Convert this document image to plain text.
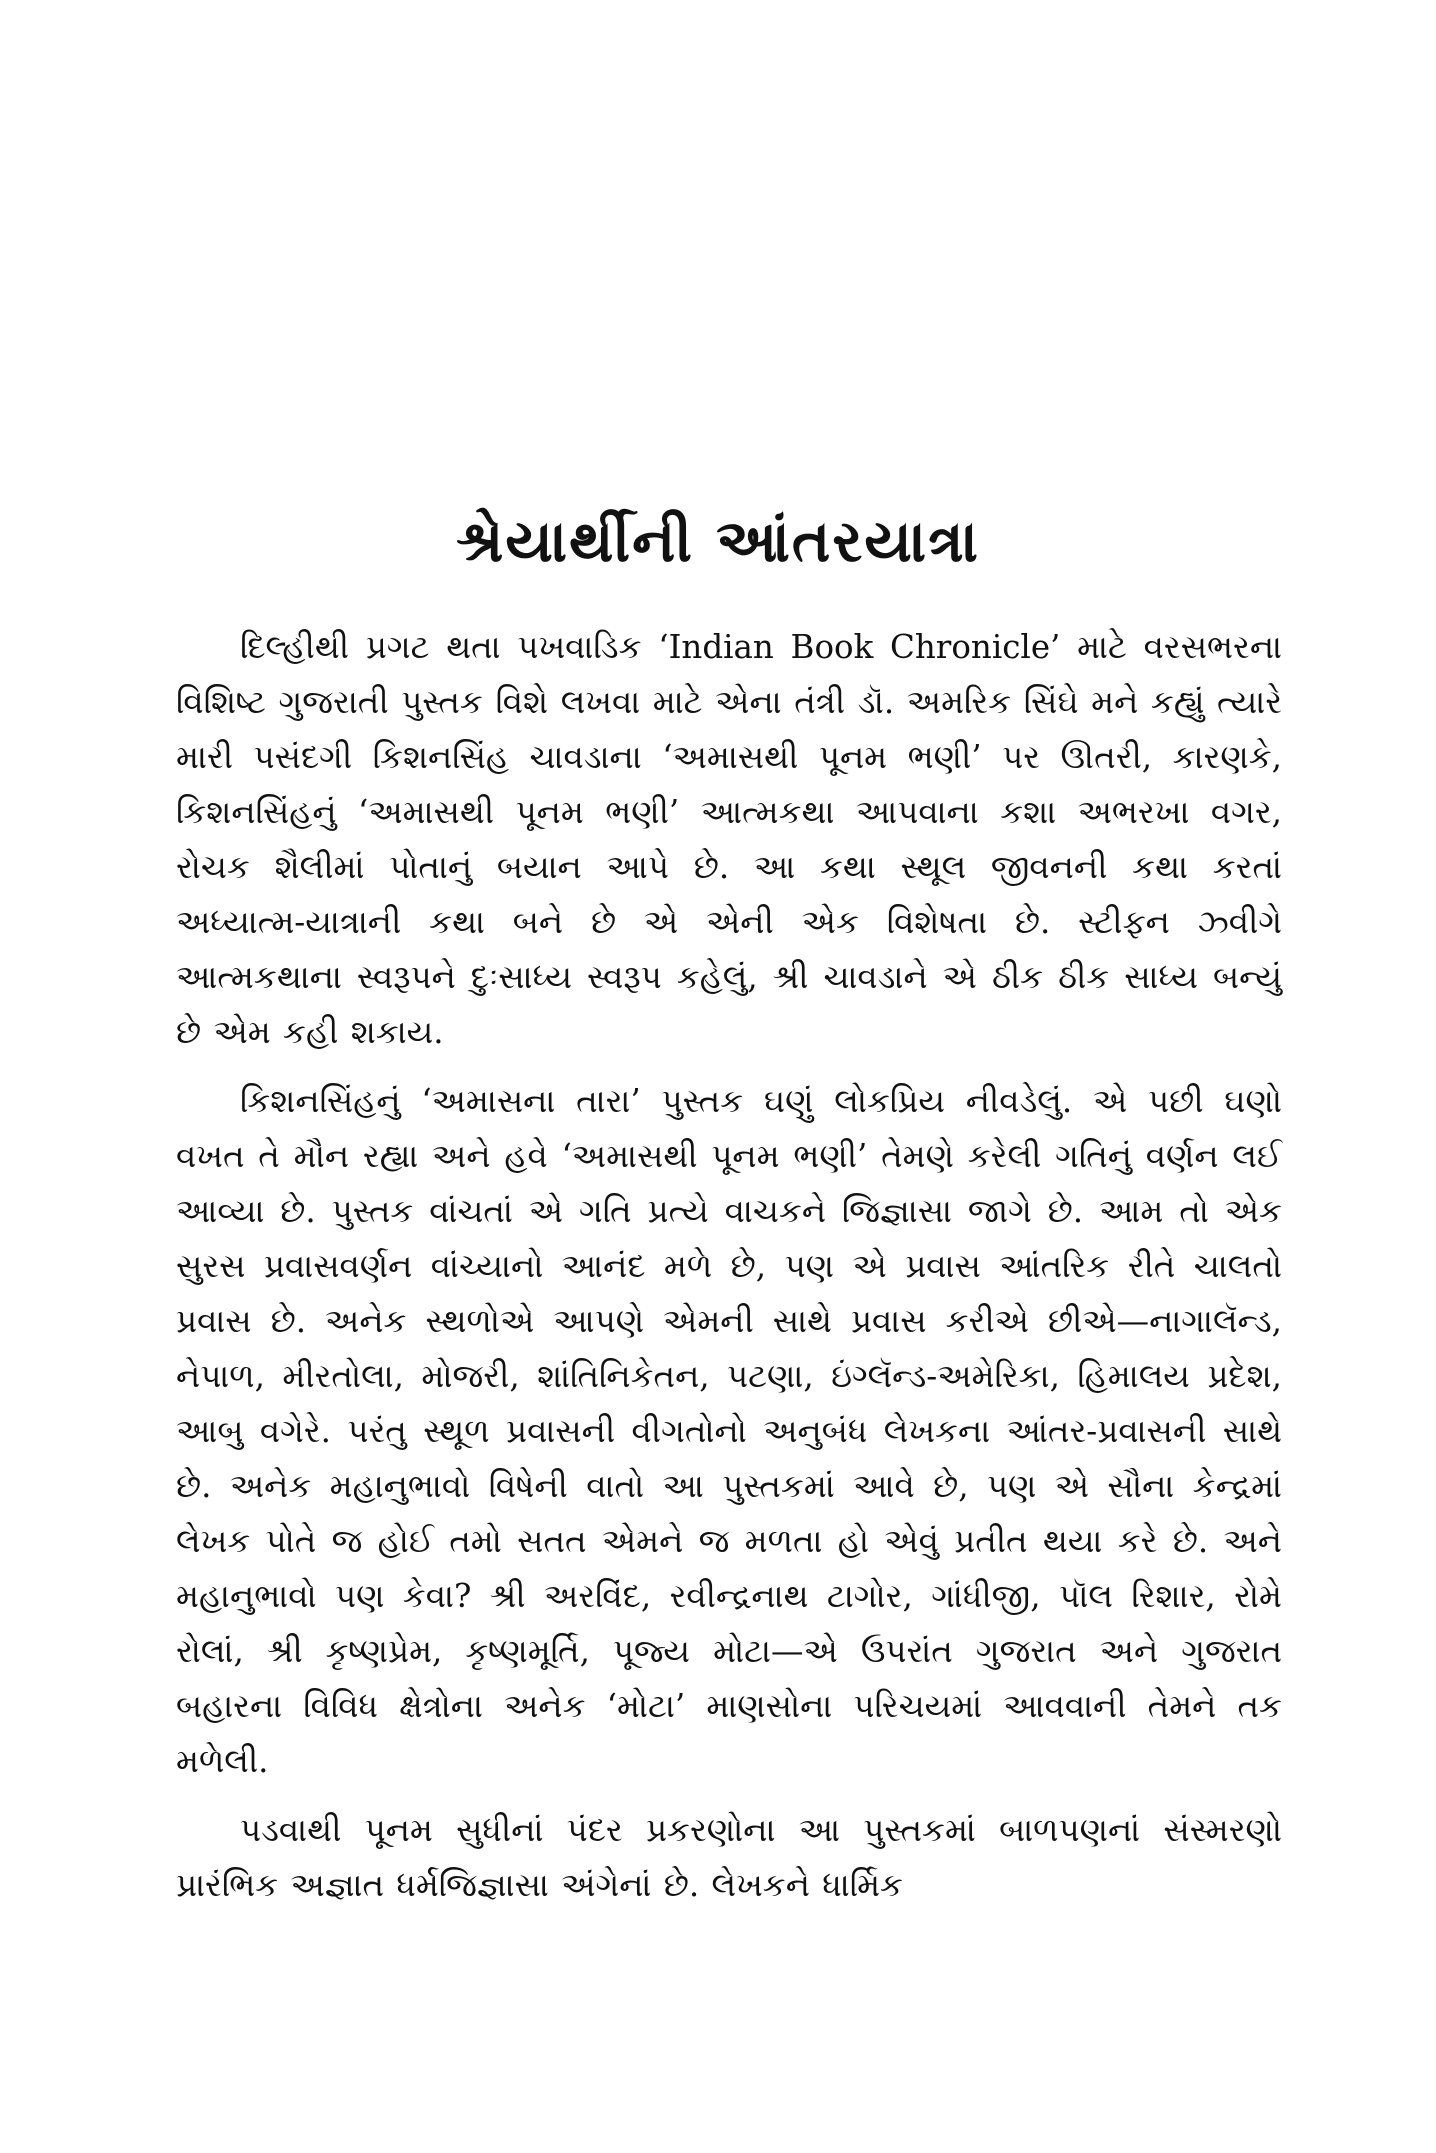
શ્રેયાર્થીની આંતરયાત્રા

દિલ્હીથી પ્રગટ થતા પખવાડિક ‘Indian Book Chronicle’ માટે વરસભરના વિશિષ્ટ ગુજરાતી પુસ્તક વિશે લખવા માટે એના તંત્રી ડૉ. અમરિક સિંઘે મને કહ્યું ત્યારે મારી પસંદગી કિશનસિંહ ચાવડાના ‘અમાસથી પૂનમ ભણી’ પર ઊતરી, કારણકે, કિશનસિંહનું ‘અમાસથી પૂનમ ભણી’ આત્મકથા આપવાના કશા અભરખા વગર, રોચક શૈલીમાં પોતાનું બયાન આપે છે. આ કથા સ્થૂલ જીવનની કથા કરતાં અધ્યાત્મ-યાત્રાની કથા બને છે એ એની એક વિશેષતા છે. સ્ટીફન ઝ્વીગે આત્મકથાના સ્વરૂપને દુઃસાધ્ય સ્વરૂપ કહેલું, શ્રી ચાવડાને એ ઠીક ઠીક સાધ્ય બન્યું છે એમ કહી શકાય.

કિશનસિંહનું ‘અમાસના તારા’ પુસ્તક ઘણું લોકપ્રિય નીવડેલું. એ પછી ઘણો વખત તે મૌન રહ્યા અને હવે ‘અમાસથી પૂનમ ભણી’ તેમણે કરેલી ગતિનું વર્ણન લઈ આવ્યા છે. પુસ્તક વાંચતાં એ ગતિ પ્રત્યે વાચકને જિજ્ઞાસા જાગે છે. આમ તો એક સુરસ પ્રવાસવર્ણન વાંચ્યાનો આનંદ મળે છે, પણ એ પ્રવાસ આંતરિક રીતે ચાલતો પ્રવાસ છે. અનેક સ્થળોએ આપણે એમની સાથે પ્રવાસ કરીએ છીએ—નાગાલૅન્ડ, નેપાળ, મીરતોલા, મોજરી, શાંતિનિકેતન, પટણા, ઇંગ્લૅન્ડ-અમેરિકા, હિમાલય પ્રદેશ, આબુ વગેરે. પરંતુ સ્થૂળ પ્રવાસની વીગતોનો અનુબંધ લેખકના આંતર-પ્રવાસની સાથે છે. અનેક મહાનુભાવો વિષેની વાતો આ પુસ્તકમાં આવે છે, પણ એ સૌના કેન્દ્રમાં લેખક પોતે જ હોઈ તમો સતત એમને જ મળતા હો એવું પ્રતીત થયા કરે છે. અને મહાનુભાવો પણ કેવા? શ્રી અરવિંદ, રવીન્દ્રનાથ ટાગોર, ગાંધીજી, પૉલ રિશાર, રોમે રોલાં, શ્રી કૃષ્ણપ્રેમ, કૃષ્ણમૂર્તિ, પૂજ્ય મોટા—એ ઉપરાંત ગુજરાત અને ગુજરાત બહારના વિવિધ ક્ષેત્રોના અનેક ‘મોટા’ માણસોના પરિચયમાં આવવાની તેમને તક મળેલી.

પડવાથી પૂનમ સુધીનાં પંદર પ્રકરણોના આ પુસ્તકમાં બાળપણનાં સંસ્મરણો પ્રારંભિક અજ્ઞાત ધર્મજિજ્ઞાસા અંગેનાં છે. લેખકને ધાર્મિક
